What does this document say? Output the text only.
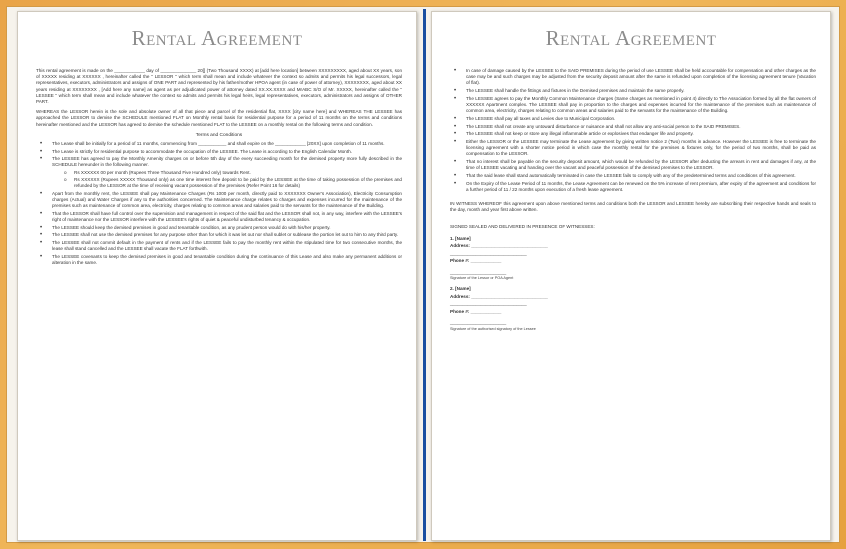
Rental Agreement

This rental agreement is made on the ____________ day of ______________ 20[] (Two Thousand XXXX) at [add here location] between XXXXXXXXX, aged about XX years, son of XXXXX residing at XXXXXX , hereinafter called the " LESSOR " which term shall mean and include whatever the context so admits and permits his legal successors, legal representatives, executors, administrators and assigns of ONE PART and represented by his father/mother HPOA agent (in case of power of attorney), XXXXXXXX, aged about XX years residing at XXXXXXXX , [Add here any name] as agent as per adjudicated power of attorney dated XX.XX.XXXX and MrABC S/O of Mr. XXXXX, hereinafter called the " LESSEE " which term shall mean and include whatever the context so admits and permits his legal heirs, legal representatives, executors, administrators and assigns of OTHER PART.

WHEREAS the LESSOR herein is the sole and absolute owner of all that piece and parcel of the residential flat, XXXX [city name here] and WHEREAS THE LESSEE has approached the LESSOR to demise the SCHEDULE mentioned FLAT on Monthly rental basis for residential purpose for a period of 11 months on the terms and conditions hereinafter mentioned and the LESSOR has agreed to demise the schedule mentioned FLAT to the LESSEE on a monthly rental on the following terms and condition.

Terms and Conditions
• The Lease shall be initially for a period of 11 months, commencing from ___________ and shall expire on the ____________ [20XX] upon completion of 11 months.
• The Lease is strictly for residential purpose to accommodate the occupation of the LESSEE. The Lease is according to the English Calendar Month.
• The LESSEE has agreed to pay the Monthly Amenity charges on or before 5th day of the every succeeding month for the demised property more fully described in the SCHEDULE hereunder in the following manner.
o Rs XXXXXX 00 per month (Rupees Three Thousand Five Hundred only) towards Rent.
o Rs XXXXXX (Rupees XXXXX Thousand only) as one time interest free deposit to be paid by the LESSEE at the time of taking possession of the premises and refunded by the LESSOR at the time of receiving vacant possession of the premises (Refer Point 16 for details)
• Apart from the monthly rent, the LESSEE shall pay Maintenance Charges (Rs 1000 per month, directly paid to XXXXXXX Owner's Association), Electricity Consumption charges (Actual) and Water Charges if any to the authorities concerned. The Maintenance charge relates to charges and expenses incurred for the maintenance of the premises such as maintenance of common area, electricity, charges relating to common areas and salaries paid to the servants for the maintenance of the Building.
• That the LESSOR shall have full control over the supervision and management in respect of the said flat and the LESSOR shall not, in any way, interfere with the LESSEE's right of maintenance nor the LESSOR interfere with the LESSEE's rights of quiet & peaceful undisturbed tenancy & occupation.
• The LESSEE should keep the demised premises in good and tenantable condition, as any prudent person would do with his/her property.
• The LESSEE shall not use the demised premises for any purpose other than for which it was let out nor shall sublet or sublease the portion let out to him to any third party.
• The LESSEE shall not commit default in the payment of rents and if the LESSEE fails to pay the monthly rent within the stipulated time for two consecutive months, the lease shall stand cancelled and the LESSEE shall vacate the FLAT forthwith.
• The LESSEE covenants to keep the demised premises in good and tenantable condition during the continuance of this Lease and also make any permanent additions or alteration in the same.
Rental Agreement
• In case of damage caused by the LESSEE to the SAID PREMISES during the period of use LESSEE shall be held accountable for compensation and other charges as the case may be and such charges may be adjusted from the security deposit amount after the same is refunded upon completion of the licensing agreement tenure (Vacation of flat).
• The LESSEE shall handle the fittings and fixtures in the Demised premises and maintain the same properly.
• The LESSEE agrees to pay the Monthly Common Maintenance charges (Same charges as mentioned in point 4) directly to The Association formed by all the flat owners of XXXXXX Apartment complex. The LESSEE shall pay in proportion to the charges and expenses incurred for the maintenance of the premises such as maintenance of common area, electricity, charges relating to common areas and salaries paid to the servants for the maintenance of the Building.
• The LESSEE shall pay all taxes and Levies due to Municipal Corporation.
• The LESSEE shall not create any untoward disturbance or nuisance and shall not allow any anti-social person to the SAID PREMISES.
• The LESSEE shall not keep or store any illegal inflammable article or explosives that endanger life and property.
• Either the LESSOR or the LESSEE may terminate the Lease agreement by giving written notice 2 (Two) months in advance. However the LESSEE is free to terminate the licensing agreement with a shorter notice period in which case the monthly rental for the premises & fixtures only, for the period of two months, shall be paid as compensation to the LESSOR.
• That no interest shall be payable on the security deposit amount, which would be refunded by the LESSOR after deducting the arrears in rent and damages if any, at the time of LESSEE vacating and handing over the vacant and peaceful possession of the demised premises to the LESSOR.
• That the said lease shall stand automatically terminated in case the LESSEE fails to comply with any of the predetermined terms and conditions of this agreement.
• On the Expiry of the Lease Period of 11 months, the Lease Agreement can be renewed on the 5% increase of rent premium, after expiry of the agreement and conditions for a further period of 11 / 22 months upon execution of a fresh lease agreement.

IN WITNESS WHEREOF this agreement upon above mentioned terms and conditions both the LESSOR and LESSEE hereby are subscribing their respective hands and seals to the day, month and year first above written.

SIGNED SEALED AND DELIVERED IN PRESENCE OF WITNESSES:
1. [Name]
Address: ______________________________
______________________________
Phone #: ____________
______________________
Signature of the Lessor or POA Agent
2. [Name]
Address: ______________________________
______________________________
Phone #: ____________
______________________
Signature of the authorised signatory of the Lessee
